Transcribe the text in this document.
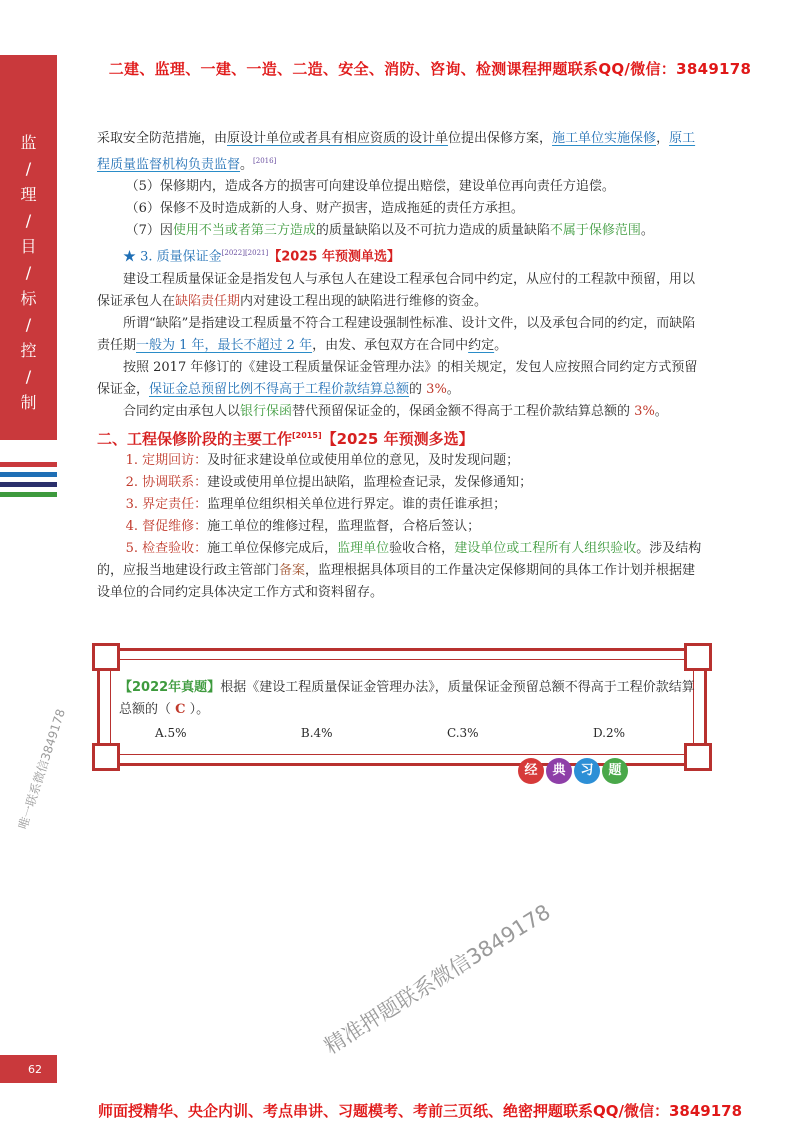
二建、监理、一建、一造、二造、安全、消防、咨询、检测课程押题联系QQ/微信：3849178
监
/
理
/
目
/
标
/
控
/
制

采取安全防范措施，由原设计单位或者具有相应资质的设计单位提出保修方案，施工单位实施保修，原工程质量监督机构负责监督。[2016]

（5）保修期内，造成各方的损害可向建设单位提出赔偿，建设单位再向责任方追偿。

（6）保修不及时造成新的人身、财产损害，造成拖延的责任方承担。

（7）因使用不当或者第三方造成的质量缺陷以及不可抗力造成的质量缺陷不属于保修范围。

★ 3. 质量保证金[2022][2021]【2025 年预测单选】

建设工程质量保证金是指发包人与承包人在建设工程承包合同中约定，从应付的工程款中预留，用以保证承包人在缺陷责任期内对建设工程出现的缺陷进行维修的资金。

所谓“缺陷”是指建设工程质量不符合工程建设强制性标准、设计文件，以及承包合同的约定，而缺陷责任期一般为 1 年，最长不超过 2 年，由发、承包双方在合同中约定。

按照 2017 年修订的《建设工程质量保证金管理办法》的相关规定，发包人应按照合同约定方式预留保证金，保证金总预留比例不得高于工程价款结算总额的 3%。

合同约定由承包人以银行保函替代预留保证金的，保函金额不得高于工程价款结算总额的 3%。

二、工程保修阶段的主要工作[2015]【2025 年预测多选】

1. 定期回访：及时征求建设单位或使用单位的意见，及时发现问题；

2. 协调联系：建设或使用单位提出缺陷，监理检查记录，发保修通知；

3. 界定责任：监理单位组织相关单位进行界定。谁的责任谁承担；

4. 督促维修：施工单位的维修过程，监理监督，合格后签认；

5. 检查验收：施工单位保修完成后，监理单位验收合格，建设单位或工程所有人组织验收。涉及结构的，应报当地建设行政主管部门备案，监理根据具体项目的工作量决定保修期间的具体工作计划并根据建设单位的合同约定具体决定工作方式和资料留存。

【2022年真题】根据《建设工程质量保证金管理办法》，质量保证金预留总额不得高于工程价款结算总额的（ C ）。
A.5%	B.4%	C.3%	D.2%
经	典	习	题
唯一联系微信3849178
精准押题联系微信3849178
62
师面授精华、央企内训、考点串讲、习题模考、考前三页纸、绝密押题联系QQ/微信：3849178
